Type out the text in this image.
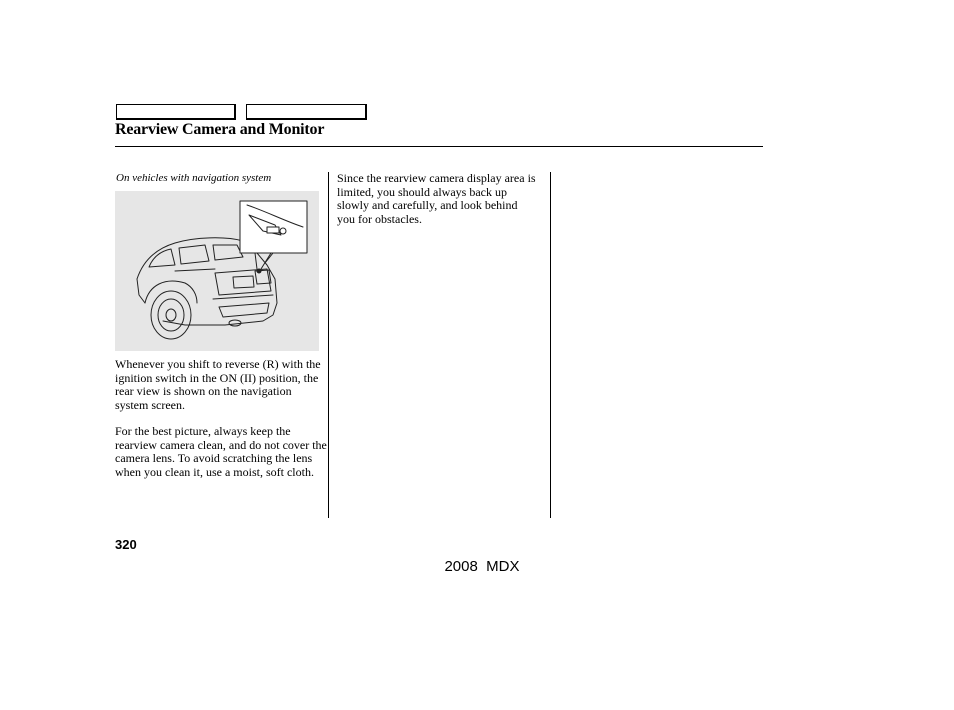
Rearview Camera and Monitor
On vehicles with navigation system

Whenever you shift to reverse (R) with the ignition switch in the ON (II) position, the rear view is shown on the navigation system screen.

For the best picture, always keep the rearview camera clean, and do not cover the camera lens. To avoid scratching the lens when you clean it, use a moist, soft cloth.

Since the rearview camera display area is limited, you should always back up slowly and carefully, and look behind you for obstacles.

320
2008  MDX
